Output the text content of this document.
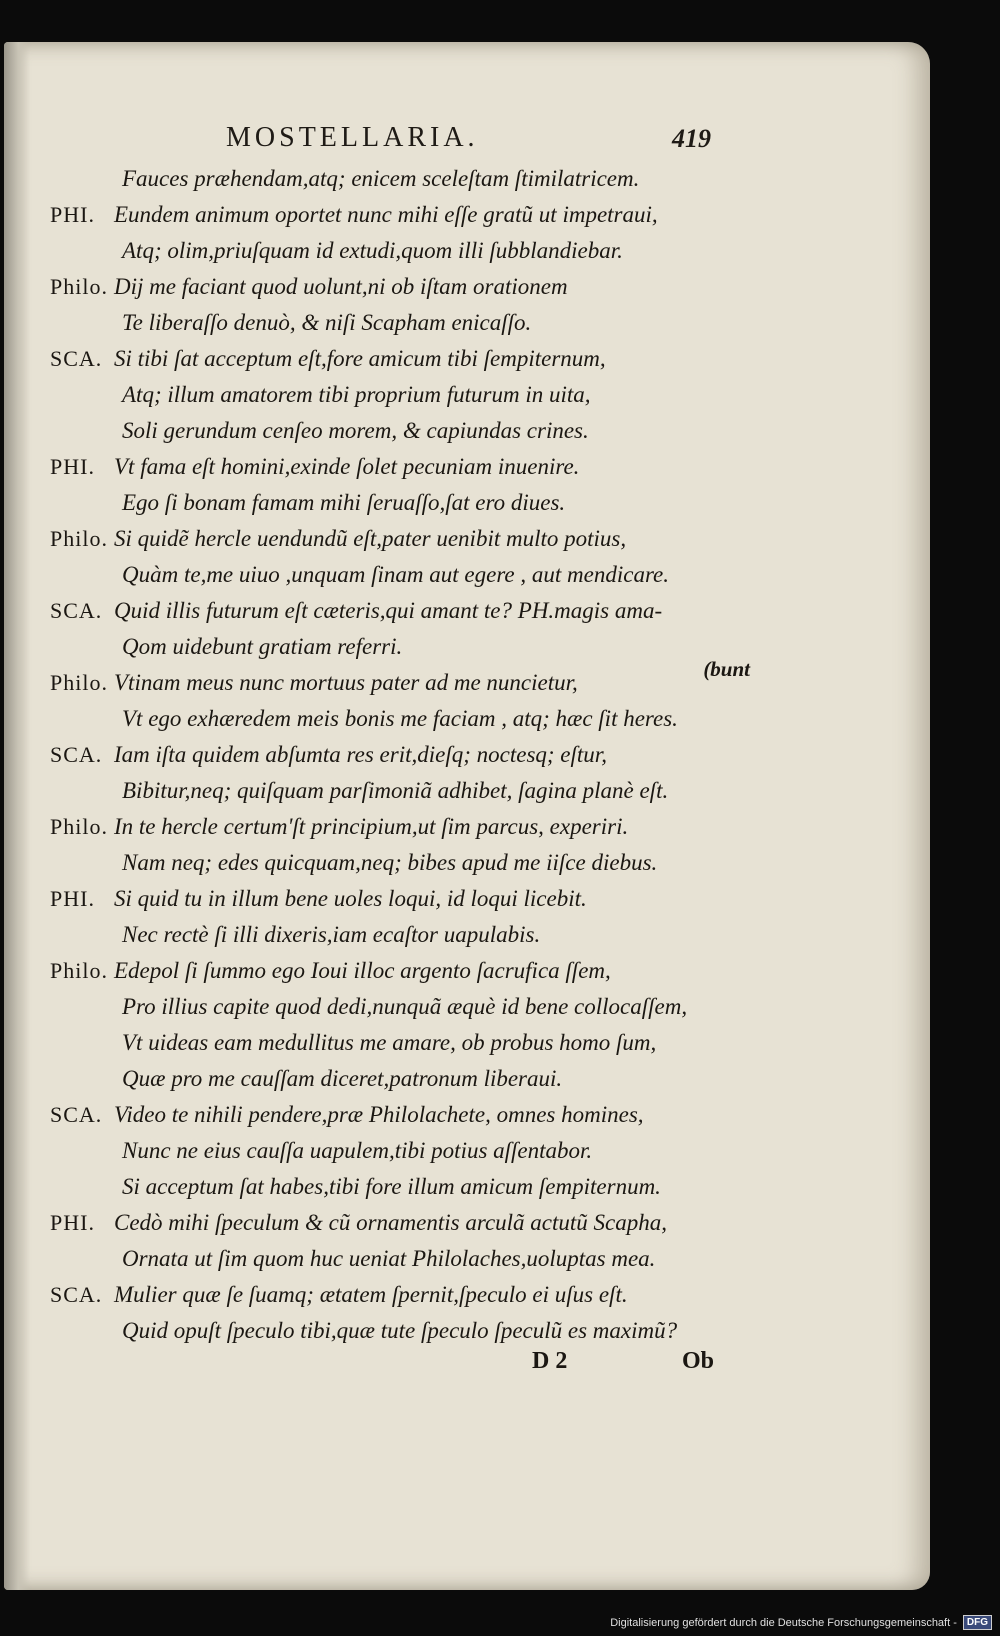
MOSTELLARIA.	419
Fauces præhendam,atq; enicem sceleſtam ſtimilatricem.
PHI. Eundem animum oportet nunc mihi eſſe gratũ ut impetraui,
Atq; olim,priuſquam id extudi,quom illi ſubblandiebar.
Philo. Dij me faciant quod uolunt,ni ob iſtam orationem
Te liberaſſo denuò, & niſi Scapham enicaſſo.
SCA. Si tibi ſat acceptum eſt,fore amicum tibi ſempiternum,
Atq; illum amatorem tibi proprium futurum in uita,
Soli gerundum cenſeo morem, & capiundas crines.
PHI. Vt fama eſt homini,exinde ſolet pecuniam inuenire.
Ego ſi bonam famam mihi ſeruaſſo,ſat ero diues.
Philo. Si quidẽ hercle uendundũ eſt,pater uenibit multo potius,
Quàm te,me uiuo ,unquam ſinam aut egere , aut mendicare.
SCA. Quid illis futurum eſt cæteris,qui amant te? PH.magis ama-
Qom uidebunt gratiam referri.
(bunt
Philo. Vtinam meus nunc mortuus pater ad me nuncietur,
Vt ego exhæredem meis bonis me faciam , atq; hæc ſit heres.
SCA. Iam iſta quidem abſumta res erit,dieſq; noctesq; eſtur,
Bibitur,neq; quiſquam parſimoniã adhibet, ſagina planè eſt.
Philo. In te hercle certum'ſt principium,ut ſim parcus, experiri.
Nam neq; edes quicquam,neq; bibes apud me iiſce diebus.
PHI. Si quid tu in illum bene uoles loqui, id loqui licebit.
Nec rectè ſi illi dixeris,iam ecaſtor uapulabis.
Philo. Edepol ſi ſummo ego Ioui illoc argento ſacrufica ſſem,
Pro illius capite quod dedi,nunquã æquè id bene collocaſſem,
Vt uideas eam medullitus me amare, ob probus homo ſum,
Quæ pro me cauſſam diceret,patronum liberaui.
SCA. Video te nihili pendere,præ Philolachete, omnes homines,
Nunc ne eius cauſſa uapulem,tibi potius aſſentabor.
Si acceptum ſat habes,tibi fore illum amicum ſempiternum.
PHI. Cedò mihi ſpeculum & cũ ornamentis arculã actutũ Scapha,
Ornata ut ſim quom huc ueniat Philolaches,uoluptas mea.
SCA. Mulier quæ ſe ſuamq; ætatem ſpernit,ſpeculo ei uſus eſt.
Quid opuſt ſpeculo tibi,quæ tute ſpeculo ſpeculũ es maximũ?
D 2	Ob
Digitalisierung gefördert durch die Deutsche Forschungsgemeinschaft -	DFG
